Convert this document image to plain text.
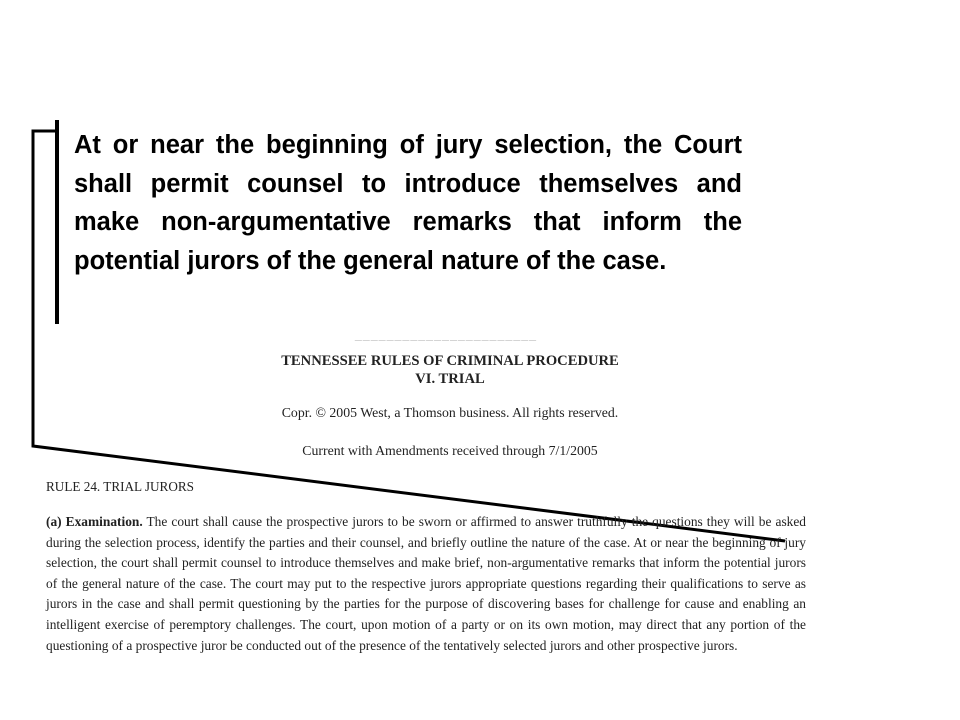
At or near the beginning of jury selection, the Court shall permit counsel to introduce themselves and make non-argumentative remarks that inform the potential jurors of the general nature of the case.
▔▔▔▔▔▔▔▔▔▔▔▔▔▔▔▔▔▔▔▔▔▔▔
TENNESSEE RULES OF CRIMINAL PROCEDURE
VI. TRIAL
Copr. © 2005 West, a Thomson business. All rights reserved.
Current with Amendments received through 7/1/2005
RULE 24. TRIAL JURORS
(a) Examination. The court shall cause the prospective jurors to be sworn or affirmed to answer truthfully the questions they will be asked during the selection process, identify the parties and their counsel, and briefly outline the nature of the case. At or near the beginning of jury selection, the court shall permit counsel to introduce themselves and make brief, non-argumentative remarks that inform the potential jurors of the general nature of the case. The court may put to the respective jurors appropriate questions regarding their qualifications to serve as jurors in the case and shall permit questioning by the parties for the purpose of discovering bases for challenge for cause and enabling an intelligent exercise of peremptory challenges. The court, upon motion of a party or on its own motion, may direct that any portion of the questioning of a prospective juror be conducted out of the presence of the tentatively selected jurors and other prospective jurors.
